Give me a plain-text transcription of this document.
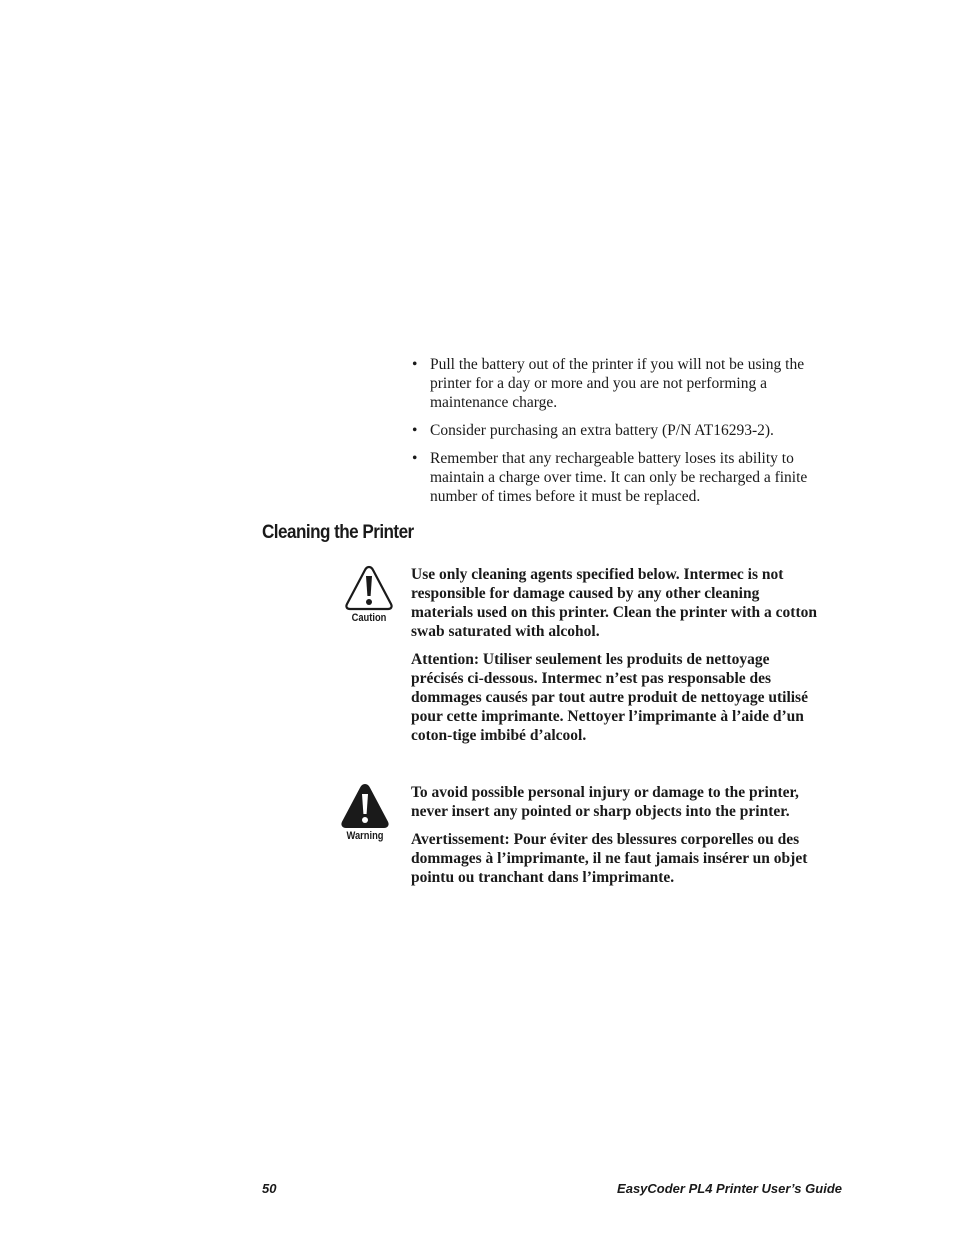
• Pull the battery out of the printer if you will not be using the printer for a day or more and you are not performing a maintenance charge.
• Consider purchasing an extra battery (P/N AT16293-2).
• Remember that any rechargeable battery loses its ability to maintain a charge over time. It can only be recharged a finite number of times before it must be replaced.
Cleaning the Printer
Caution

Use only cleaning agents specified below. Intermec is not responsible for damage caused by any other cleaning materials used on this printer. Clean the printer with a cotton swab saturated with alcohol.

Attention: Utiliser seulement les produits de nettoyage précisés ci-dessous. Intermec n’est pas responsable des dommages causés par tout autre produit de nettoyage utilisé pour cette imprimante. Nettoyer l’imprimante à l’aide d’un coton-tige imbibé d’alcool.

Warning

To avoid possible personal injury or damage to the printer, never insert any pointed or sharp objects into the printer.

Avertissement: Pour éviter des blessures corporelles ou des dommages à l’imprimante, il ne faut jamais insérer un objet pointu ou tranchant dans l’imprimante.

50	EasyCoder PL4 Printer User’s Guide
